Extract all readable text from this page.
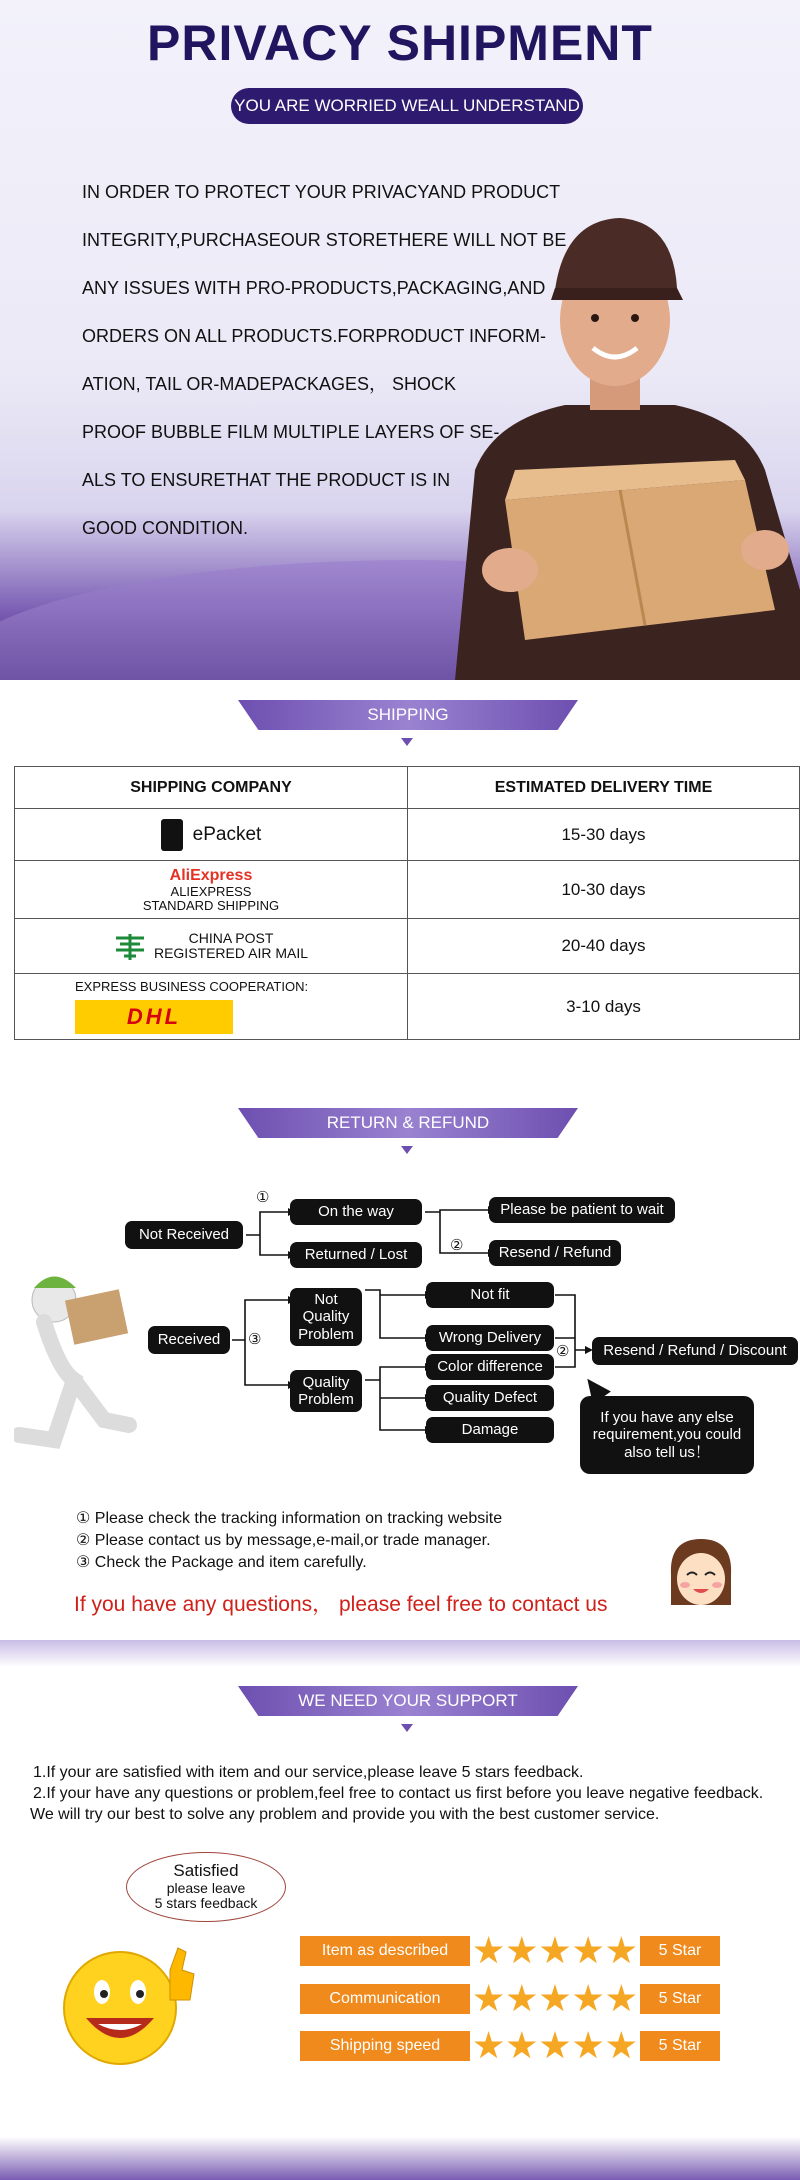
PRIVACY SHIPMENT
YOU ARE WORRIED WEALL UNDERSTAND
IN ORDER TO PROTECT YOUR PRIVACYAND PRODUCT
INTEGRITY,PURCHASEOUR STORETHERE WILL NOT BE
ANY ISSUES WITH PRO-PRODUCTS,PACKAGING,AND
ORDERS ON ALL PRODUCTS.FORPRODUCT INFORM-
ATION, TAIL OR-MADEPACKAGES， SHOCK
PROOF BUBBLE FILM MULTIPLE LAYERS OF SE-
ALS TO ENSURETHAT THE PRODUCT IS IN
GOOD CONDITION.
SHIPPING
SHIPPING COMPANY	ESTIMATED DELIVERY TIME

ePacket	15-30 days

AliExpress
ALIEXPRESS
STANDARD SHIPPING	10-30 days

CHINA POST
REGISTERED AIR MAIL	20-40 days

EXPRESS BUSINESS COOPERATION:
DHL	3-10 days
RETURN & REFUND
①
Not Received
On the way
Returned / Lost
Please be patient to wait
②	Resend / Refund
Received	③
Not
Quality
Problem
Quality
Problem
Not fit
Wrong Delivery
Color difference
Quality Defect
Damage
②	Resend / Refund / Discount
If you have any else requirement,you could also tell us！
① Please check the tracking information on tracking website
② Please contact us by message,e-mail,or trade manager.
③ Check the Package and item carefully.
If you have any questions， please feel free to contact us
WE NEED YOUR SUPPORT
1.If your are satisfied with item and our service,please leave 5 stars feedback.
2.If your have any questions or problem,feel free to contact us first before you leave negative feedback. We will try our best to solve any problem and provide you with the best customer service.
Satisfied
please leave
5 stars feedback
Item as described	5 Star
Communication	5 Star
Shipping speed	5 Star
